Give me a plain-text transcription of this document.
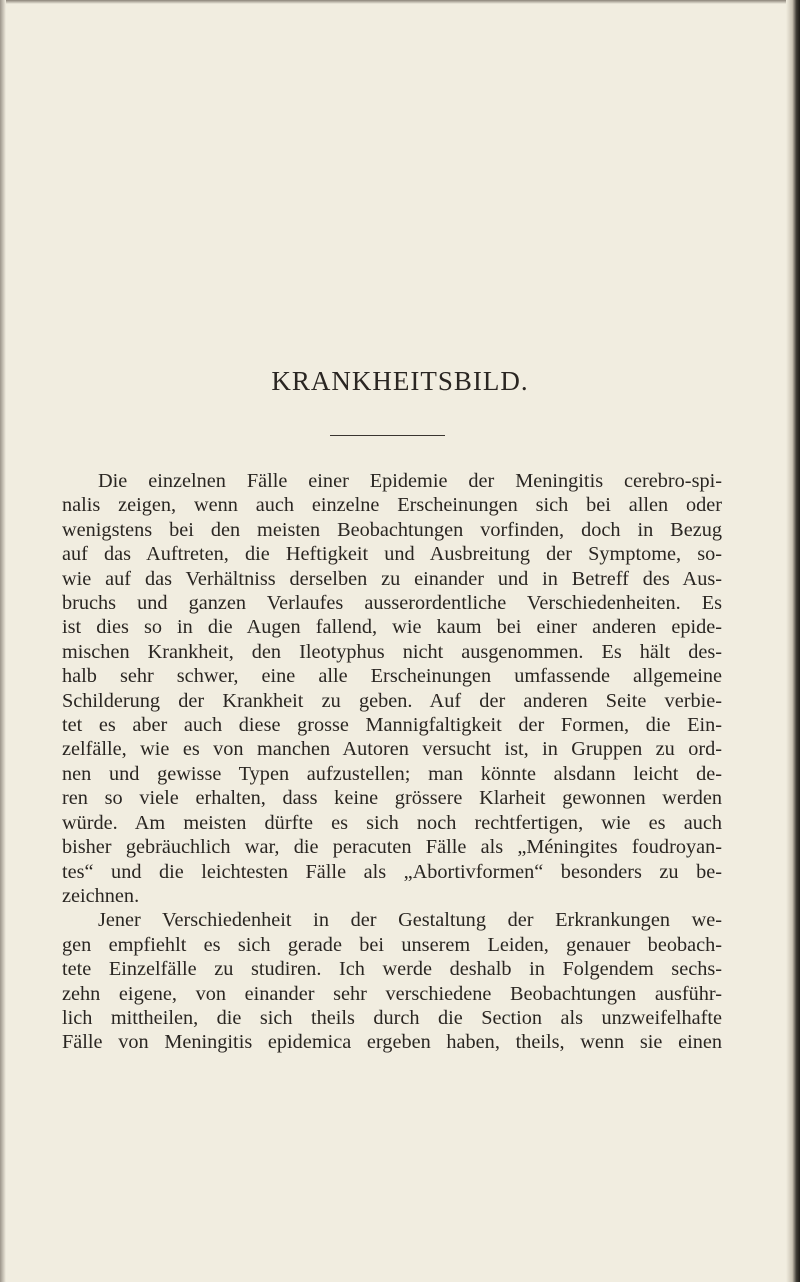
KRANKHEITSBILD.

Die einzelnen Fälle einer Epidemie der Meningitis cerebro-spi-
nalis zeigen, wenn auch einzelne Erscheinungen sich bei allen oder
wenigstens bei den meisten Beobachtungen vorfinden, doch in Bezug
auf das Auftreten, die Heftigkeit und Ausbreitung der Symptome, so-
wie auf das Verhältniss derselben zu einander und in Betreff des Aus-
bruchs und ganzen Verlaufes ausserordentliche Verschiedenheiten. Es
ist dies so in die Augen fallend, wie kaum bei einer anderen epide-
mischen Krankheit, den Ileotyphus nicht ausgenommen. Es hält des-
halb sehr schwer, eine alle Erscheinungen umfassende allgemeine
Schilderung der Krankheit zu geben. Auf der anderen Seite verbie-
tet es aber auch diese grosse Mannigfaltigkeit der Formen, die Ein-
zelfälle, wie es von manchen Autoren versucht ist, in Gruppen zu ord-
nen und gewisse Typen aufzustellen; man könnte alsdann leicht de-
ren so viele erhalten, dass keine grössere Klarheit gewonnen werden
würde. Am meisten dürfte es sich noch rechtfertigen, wie es auch
bisher gebräuchlich war, die peracuten Fälle als „Méningites foudroyan-
tes“ und die leichtesten Fälle als „Abortivformen“ besonders zu be-
zeichnen.

Jener Verschiedenheit in der Gestaltung der Erkrankungen we-
gen empfiehlt es sich gerade bei unserem Leiden, genauer beobach-
tete Einzelfälle zu studiren. Ich werde deshalb in Folgendem sechs-
zehn eigene, von einander sehr verschiedene Beobachtungen ausführ-
lich mittheilen, die sich theils durch die Section als unzweifelhafte
Fälle von Meningitis epidemica ergeben haben, theils, wenn sie einen
